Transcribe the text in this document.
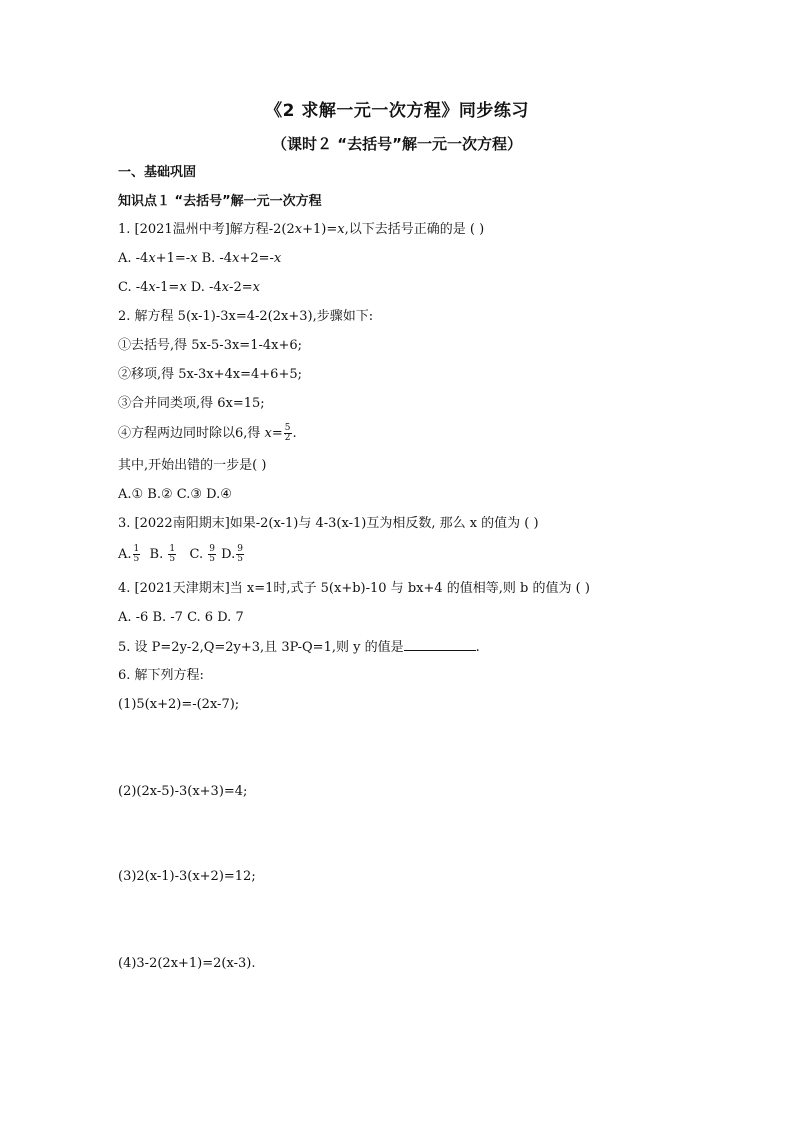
《2 求解一元一次方程》同步练习
（课时２ “去括号”解一元一次方程）
一、基础巩固
知识点１ “去括号”解一元一次方程
1. [2021温州中考]解方程-2(2x+1)=x,以下去括号正确的是 ( )
A. -4x+1=-x B. -4x+2=-x
C. -4x-1=x D. -4x-2=x
2. 解方程 5(x-1)-3x=4-2(2x+3),步骤如下:
①去括号,得 5x-5-3x=1-4x+6;
②移项,得 5x-3x+4x=4+6+5;
③合并同类项,得 6x=15;
④方程两边同时除以6,得 $x= \frac{5}{2}$ .
其中,开始出错的一步是( )
A.① B.② C.③ D.④
3. [2022南阳期末]如果-2(x-1)与 4-3(x-1)互为相反数, 那么 x 的值为 ( )
A. $\frac{1}{5} B$. $\frac{1}{5} C$. $\frac{9}{5} D$. $\frac{9}{5}$
4. [2021天津期末]当 x=1时,式子 5(x+b)-10 与 bx+4 的值相等,则 b 的值为 ( )
A. -6 B. -7 C. 6 D. 7
5. 设 P=2y-2,Q=2y+3,且 3P-Q=1,则 y 的值是	.
6. 解下列方程:
(1)5(x+2)=-(2x-7);
(2)(2x-5)-3(x+3)=4;
(3)2(x-1)-3(x+2)=12;
(4)3-2(2x+1)=2(x-3).
